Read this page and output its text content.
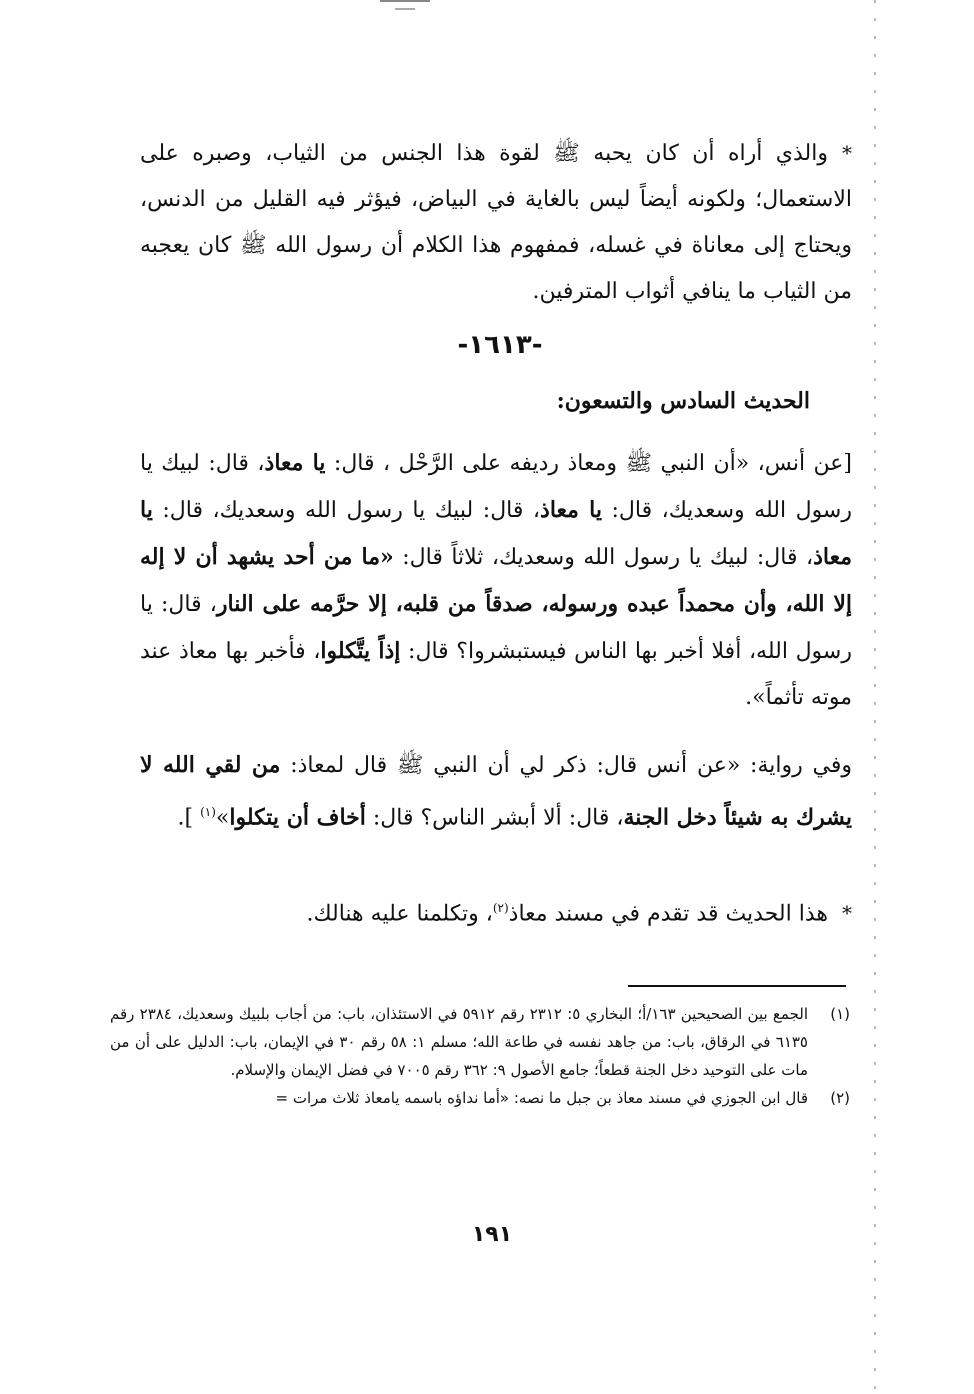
*والذي أراه أن كان يحبه ﷺ لقوة هذا الجنس من الثياب، وصبره على الاستعمال؛ ولكونه أيضاً ليس بالغاية في البياض، فيؤثر فيه القليل من الدنس، ويحتاج إلى معاناة في غسله، فمفهوم هذا الكلام أن رسول الله ﷺ كان يعجبه من الثياب ما ينافي أثواب المترفين.
-١٦١٣-
الحديث السادس والتسعون:
[عن أنس، «أن النبي ﷺ ومعاذ رديفه على الرَّحْل ، قال: يا معاذ، قال: لبيك يا رسول الله وسعديك، قال: يا معاذ، قال: لبيك يا رسول الله وسعديك، قال: يا معاذ، قال: لبيك يا رسول الله وسعديك، ثلاثاً قال: «ما من أحد يشهد أن لا إله إلا الله، وأن محمداً عبده ورسوله، صدقاً من قلبه، إلا حرَّمه على النار، قال: يا رسول الله، أفلا أخبر بها الناس فيستبشروا؟ قال: إذاً يتَّكلوا، فأخبر بها معاذ عند موته تأثماً».
وفي رواية: «عن أنس قال: ذكر لي أن النبي ﷺ قال لمعاذ: من لقي الله لا يشرك به شيئاً دخل الجنة، قال: ألا أبشر الناس؟ قال: أخاف أن يتكلوا»$^{(١)}$ ].
*هذا الحديث قد تقدم في مسند معاذ$^{(٢)}$، وتكلمنا عليه هنالك.
(١)
الجمع بين الصحيحين ١٦٣/أ؛ البخاري ٥: ٢٣١٢ رقم ٥٩١٢ في الاستئذان، باب: من أجاب بلبيك وسعديك، ٢٣٨٤ رقم ٦١٣٥ في الرقاق، باب: من جاهد نفسه في طاعة الله؛ مسلم ١: ٥٨ رقم ٣٠ في الإيمان، باب: الدليل على أن من مات على التوحيد دخل الجنة قطعاً؛ جامع الأصول ٩: ٣٦٢ رقم ٧٠٠٥ في فضل الإيمان والإسلام.
(٢)
قال ابن الجوزي في مسند معاذ بن جبل ما نصه: «أما نداؤه باسمه يامعاذ ثلاث مرات =
١٩١
